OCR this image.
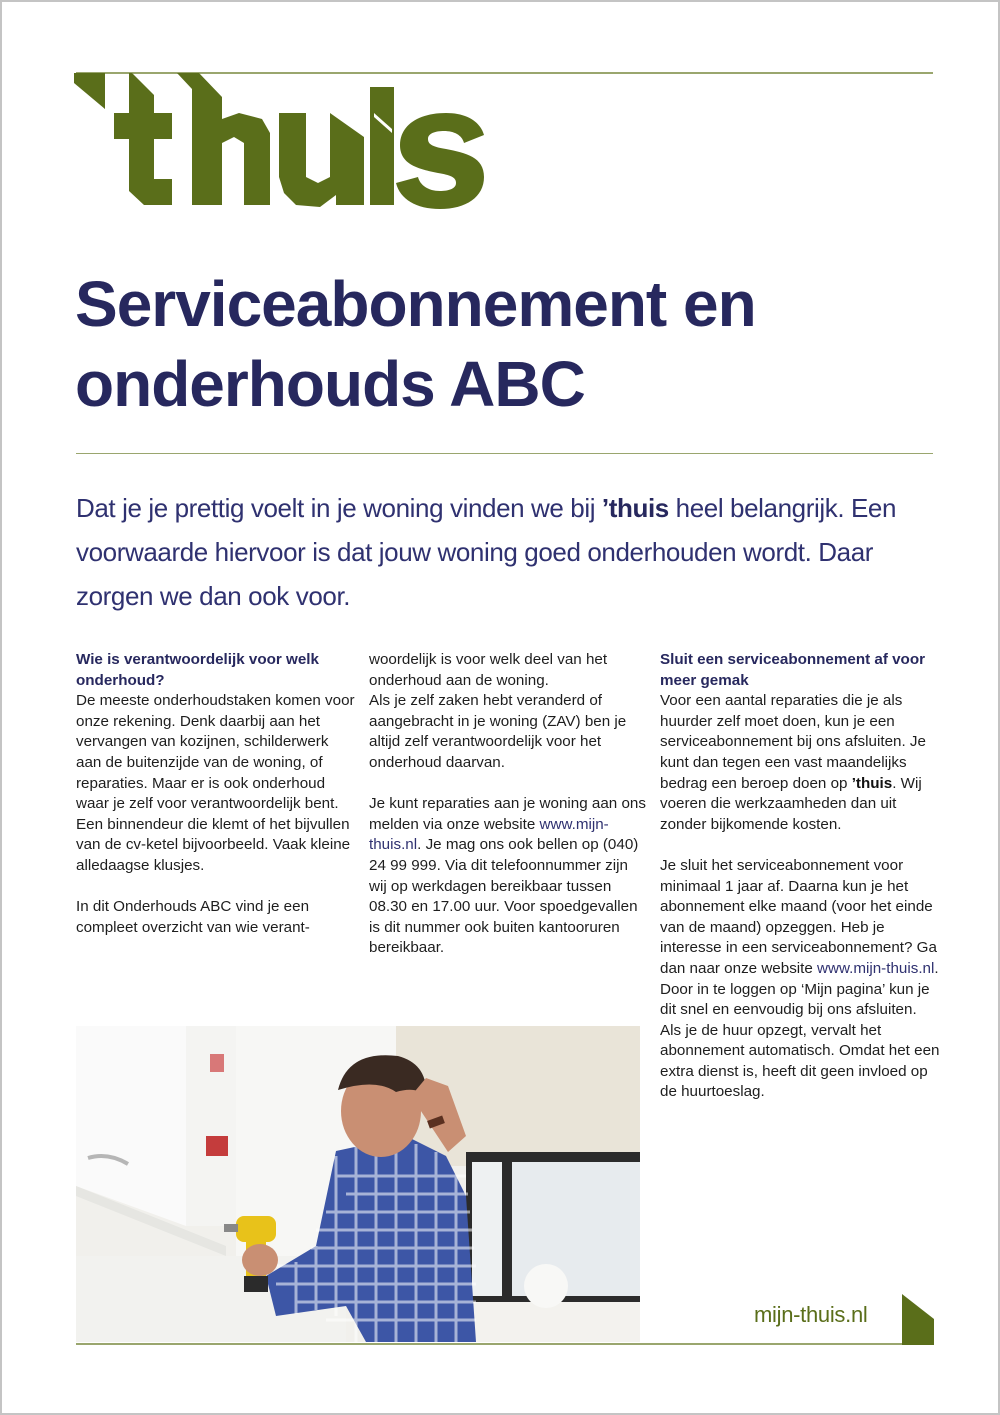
Serviceabonnement en
onderhouds ABC

Dat je je prettig voelt in je woning vinden we bij ’thuis heel belangrijk. Een voorwaarde hiervoor is dat jouw woning goed onderhouden wordt. Daar zorgen we dan ook voor.

Wie is verantwoordelijk voor welk onderhoud?

De meeste onderhoudstaken komen voor onze rekening. Denk daarbij aan het vervangen van kozijnen, schilderwerk aan de buitenzijde van de woning, of reparaties. Maar er is ook onderhoud waar je zelf voor verantwoordelijk bent. Een binnendeur die klemt of het bijvullen van de cv-ketel bijvoorbeeld. Vaak kleine alledaagse klusjes.

In dit Onderhouds ABC vind je een compleet overzicht van wie verant-

woordelijk is voor welk deel van het onderhoud aan de woning.

Als je zelf zaken hebt veranderd of aangebracht in je woning (ZAV) ben je altijd zelf verantwoordelijk voor het onderhoud daarvan.

Je kunt reparaties aan je woning aan ons melden via onze website www.mijn-thuis.nl. Je mag ons ook bellen op (040) 24 99 999. Via dit telefoonnummer zijn wij op werkdagen bereikbaar tussen 08.30 en 17.00 uur. Voor spoedgevallen is dit nummer ook buiten kantooruren bereikbaar.

Sluit een serviceabonnement af voor meer gemak

Voor een aantal reparaties die je als huurder zelf moet doen, kun je een serviceabonnement bij ons afsluiten. Je kunt dan tegen een vast maandelijks bedrag een beroep doen op ’thuis. Wij voeren die werkzaamheden dan uit zonder bijkomende kosten.

Je sluit het serviceabonnement voor minimaal 1 jaar af. Daarna kun je het abonnement elke maand (voor het einde van de maand) opzeggen. Heb je interesse in een serviceabonnement? Ga dan naar onze website www.mijn-thuis.nl. Door in te loggen op ‘Mijn pagina’ kun je dit snel en eenvoudig bij ons afsluiten. Als je de huur opzegt, vervalt het abonnement automatisch. Omdat het een extra dienst is, heeft dit geen invloed op de huurtoeslag.

mijn-thuis.nl
